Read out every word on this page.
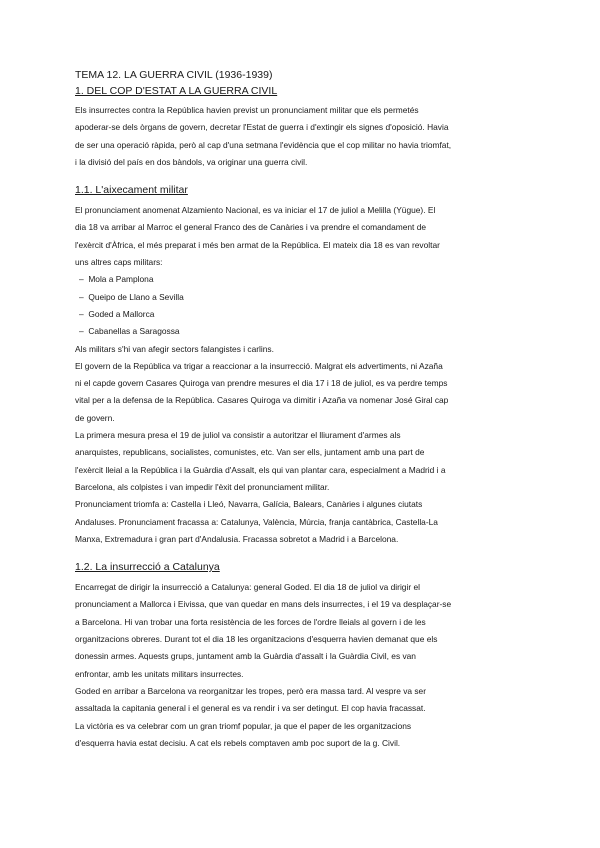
TEMA 12. LA GUERRA CIVIL (1936-1939)
1. DEL COP D'ESTAT A LA GUERRA CIVIL

Els insurrectes contra la República havien previst un pronunciament militar que els permetés

apoderar-se dels òrgans de govern, decretar l'Estat de guerra i d'extingir els signes d'oposició. Havia

de ser una operació ràpida, però al cap d'una setmana l'evidència que el cop militar no havia triomfat,

i la divisió del país en dos bàndols, va originar una guerra civil.

1.1. L'aixecament militar

El pronunciament anomenat Alzamiento Nacional, es va iniciar el 17 de juliol a Melilla (Yügue). El

dia 18 va arribar al Marroc el general Franco des de Canàries i va prendre el comandament de

l'exèrcit d'Àfrica, el més preparat i més ben armat de la República. El mateix dia 18 es van revoltar

uns altres caps militars:

–  Mola a Pamplona
–  Queipo de Llano a Sevilla
–  Goded a Mallorca
–  Cabanellas a Saragossa

Als militars s'hi van afegir sectors falangistes i carlins.

El govern de la República va trigar a reaccionar a la insurrecció. Malgrat els advertiments, ni Azaña

ni el capde govern Casares Quiroga van prendre mesures el dia 17 i 18 de juliol, es va perdre temps

vital per a la defensa de la República. Casares Quiroga va dimitir i Azaña va nomenar José Giral cap

de govern.

La primera mesura presa el 19 de juliol va consistir a autoritzar el lliurament d'armes als

anarquistes, republicans, socialistes, comunistes, etc. Van ser ells, juntament amb una part de

l'exèrcit lleial a la República i la Guàrdia d'Assalt, els qui van plantar cara, especialment a Madrid i a

Barcelona, als colpistes i van impedir l'èxit del pronunciament militar.

Pronunciament triomfa a: Castella i Lleó, Navarra, Galícia, Balears, Canàries i algunes ciutats

Andaluses. Pronunciament fracassa a: Catalunya, València, Múrcia, franja cantàbrica, Castella-La

Manxa, Extremadura i gran part d'Andalusia. Fracassa sobretot a Madrid i a Barcelona.

1.2. La insurrecció a Catalunya

Encarregat de dirigir la insurrecció a Catalunya: general Goded. El dia 18 de juliol va dirigir el

pronunciament a Mallorca i Eivissa, que van quedar en mans dels insurrectes, i el 19 va desplaçar-se

a Barcelona. Hi van trobar una forta resistència de les forces de l'ordre lleials al govern i de les

organitzacions obreres. Durant tot el dia 18 les organitzacions d'esquerra havien demanat que els

donessin armes. Aquests grups, juntament amb la Guàrdia d'assalt i la Guàrdia Civil, es van

enfrontar, amb les unitats militars insurrectes.

Goded en arribar a Barcelona va reorganitzar les tropes, però era massa tard. Al vespre va ser

assaltada la capitania general i el general es va rendir i va ser detingut. El cop havia fracassat.

La victòria es va celebrar com un gran triomf popular, ja que el paper de les organitzacions

d'esquerra havia estat decisiu. A cat els rebels comptaven amb poc suport de la g. Civil.
